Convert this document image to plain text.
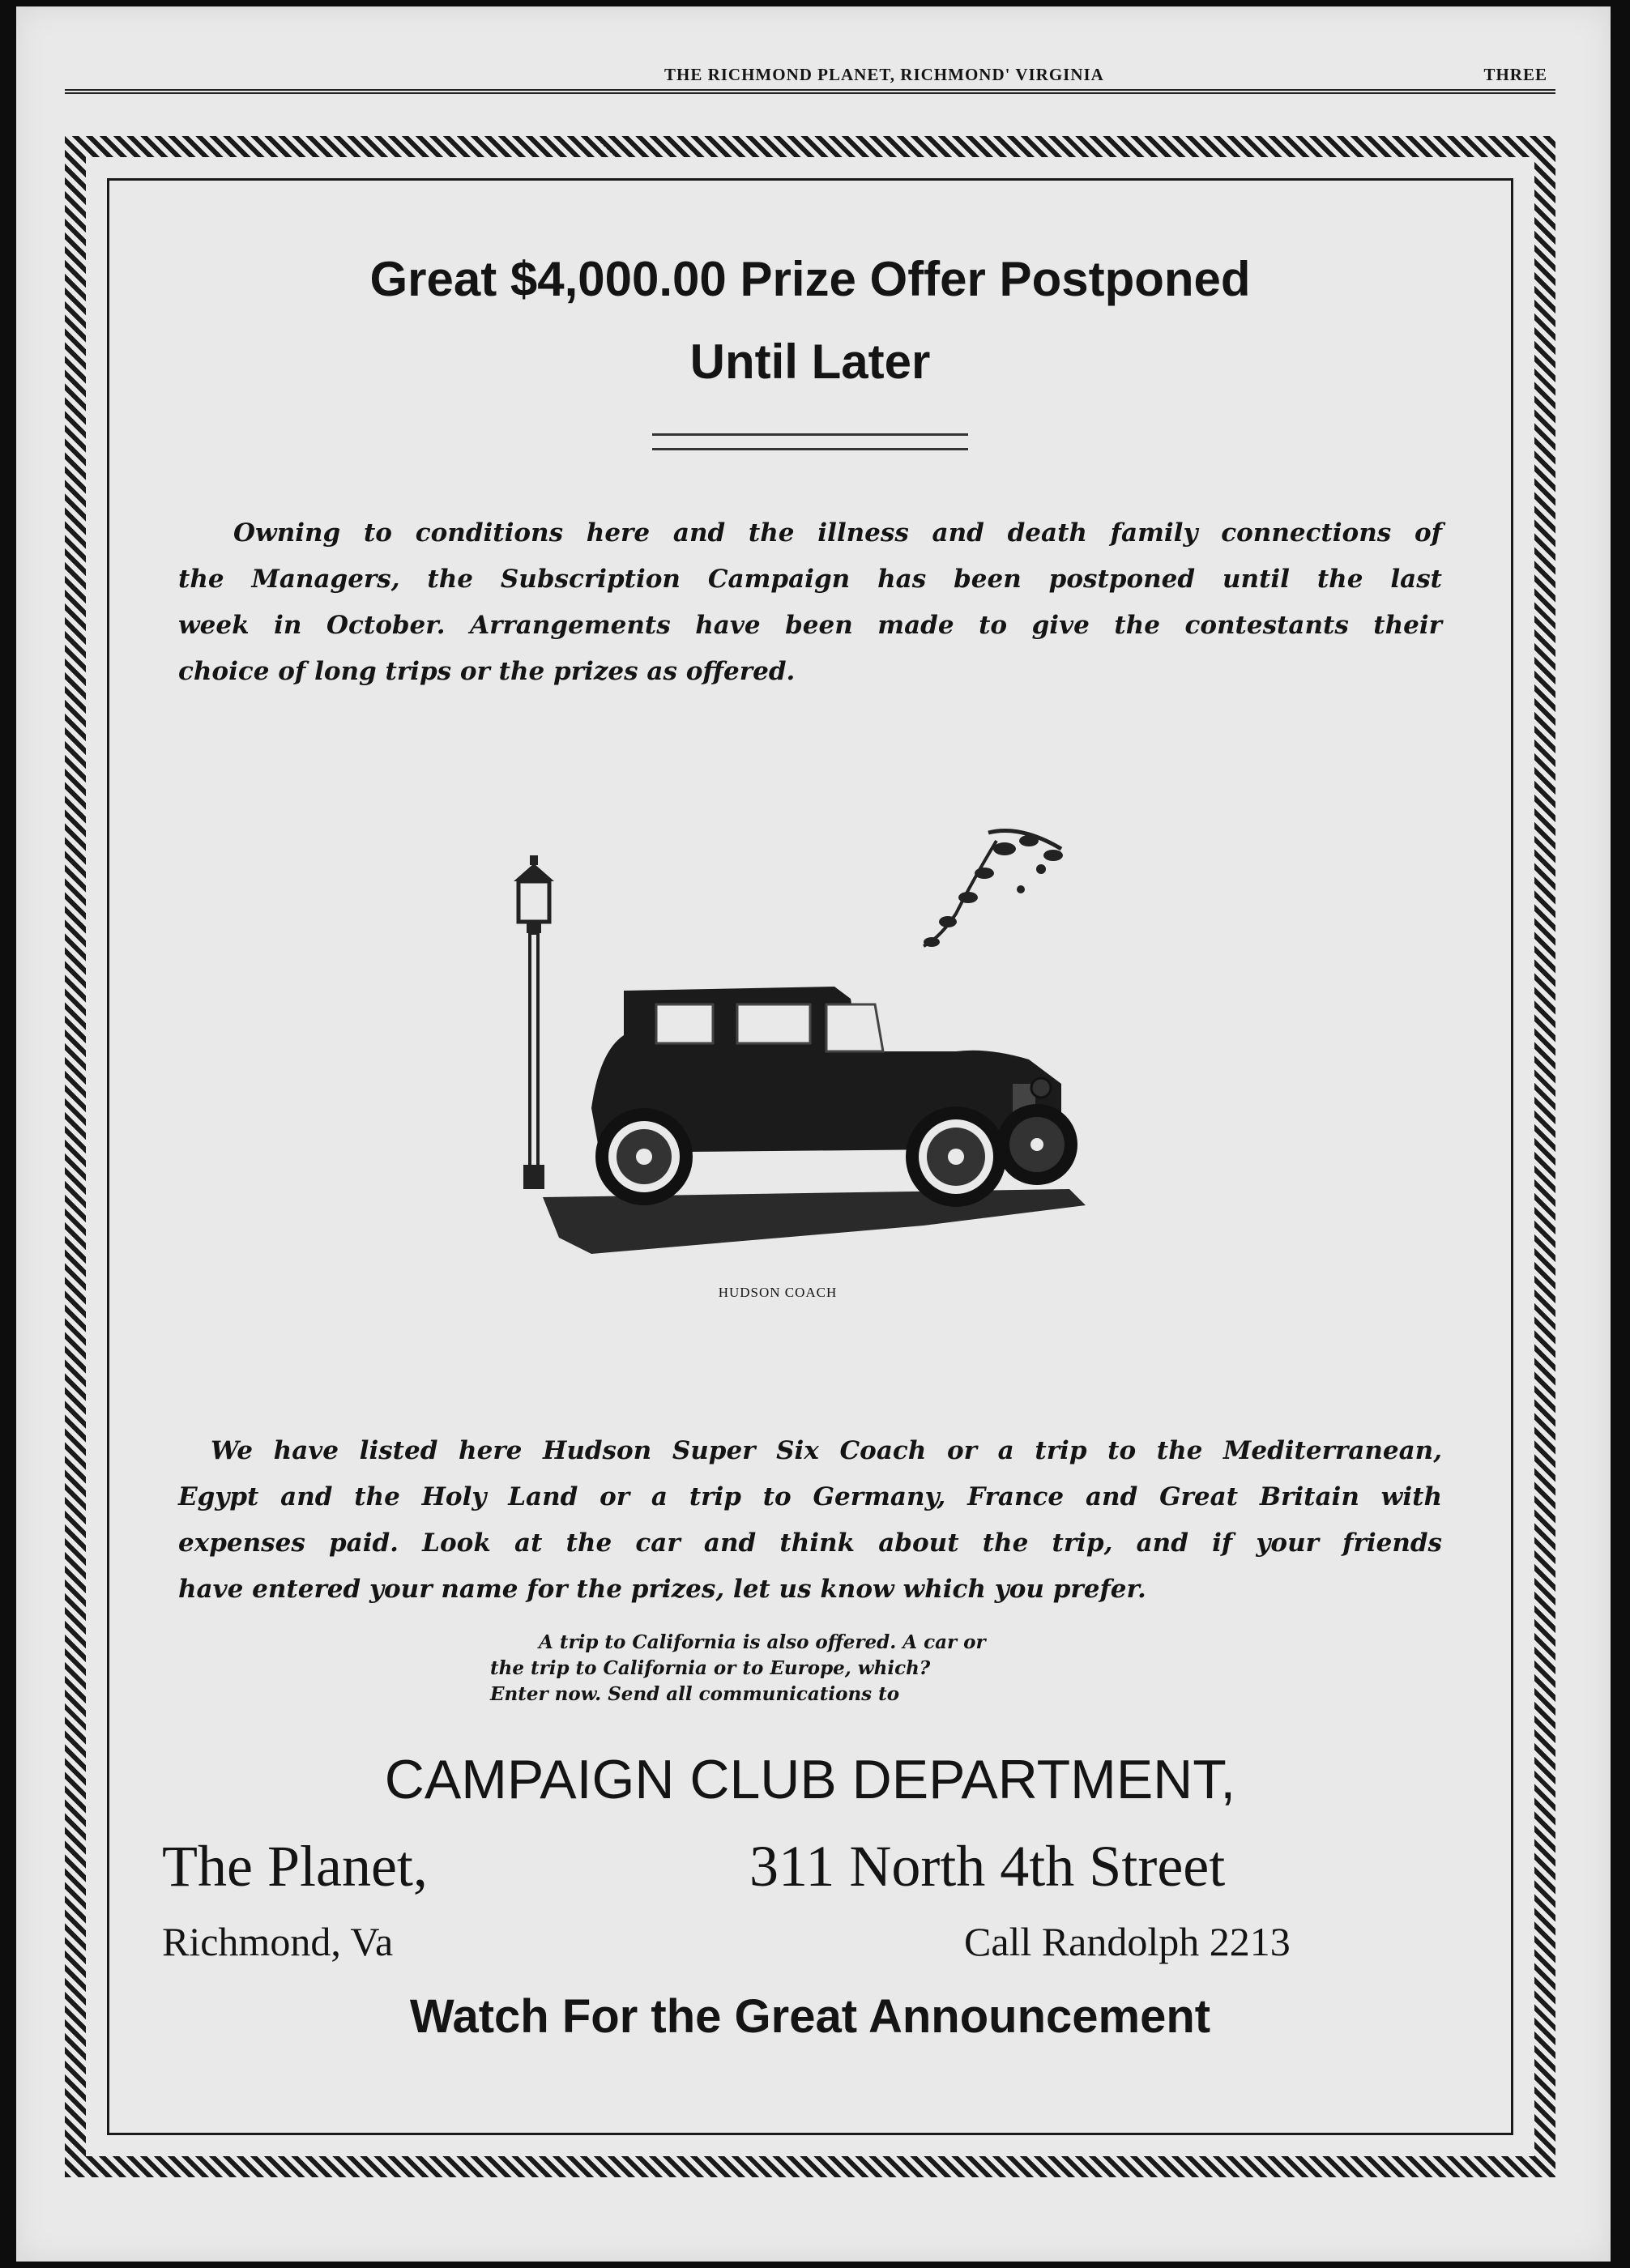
THE RICHMOND PLANET, RICHMOND' VIRGINIA	THREE
Great $4,000.00 Prize Offer Postponed
Until Later
Owning to conditions here and the illness and death family connections of
the Managers, the Subscription Campaign has been postponed until the last
week in October. Arrangements have been made to give the contestants their
choice of long trips or the prizes as offered.
HUDSON COACH
We have listed here Hudson Super Six Coach or a trip to the Mediterranean,
Egypt and the Holy Land or a trip to Germany, France and Great Britain with
expenses paid. Look at the car and think about the trip, and if your friends
have entered your name for the prizes, let us know which you prefer.
A trip to California is also offered. A car or
the trip to California or to Europe, which?
Enter now. Send all communications to
CAMPAIGN CLUB DEPARTMENT,
The Planet,	311 North 4th Street
Richmond, Va	Call Randolph 2213
Watch For the Great Announcement
